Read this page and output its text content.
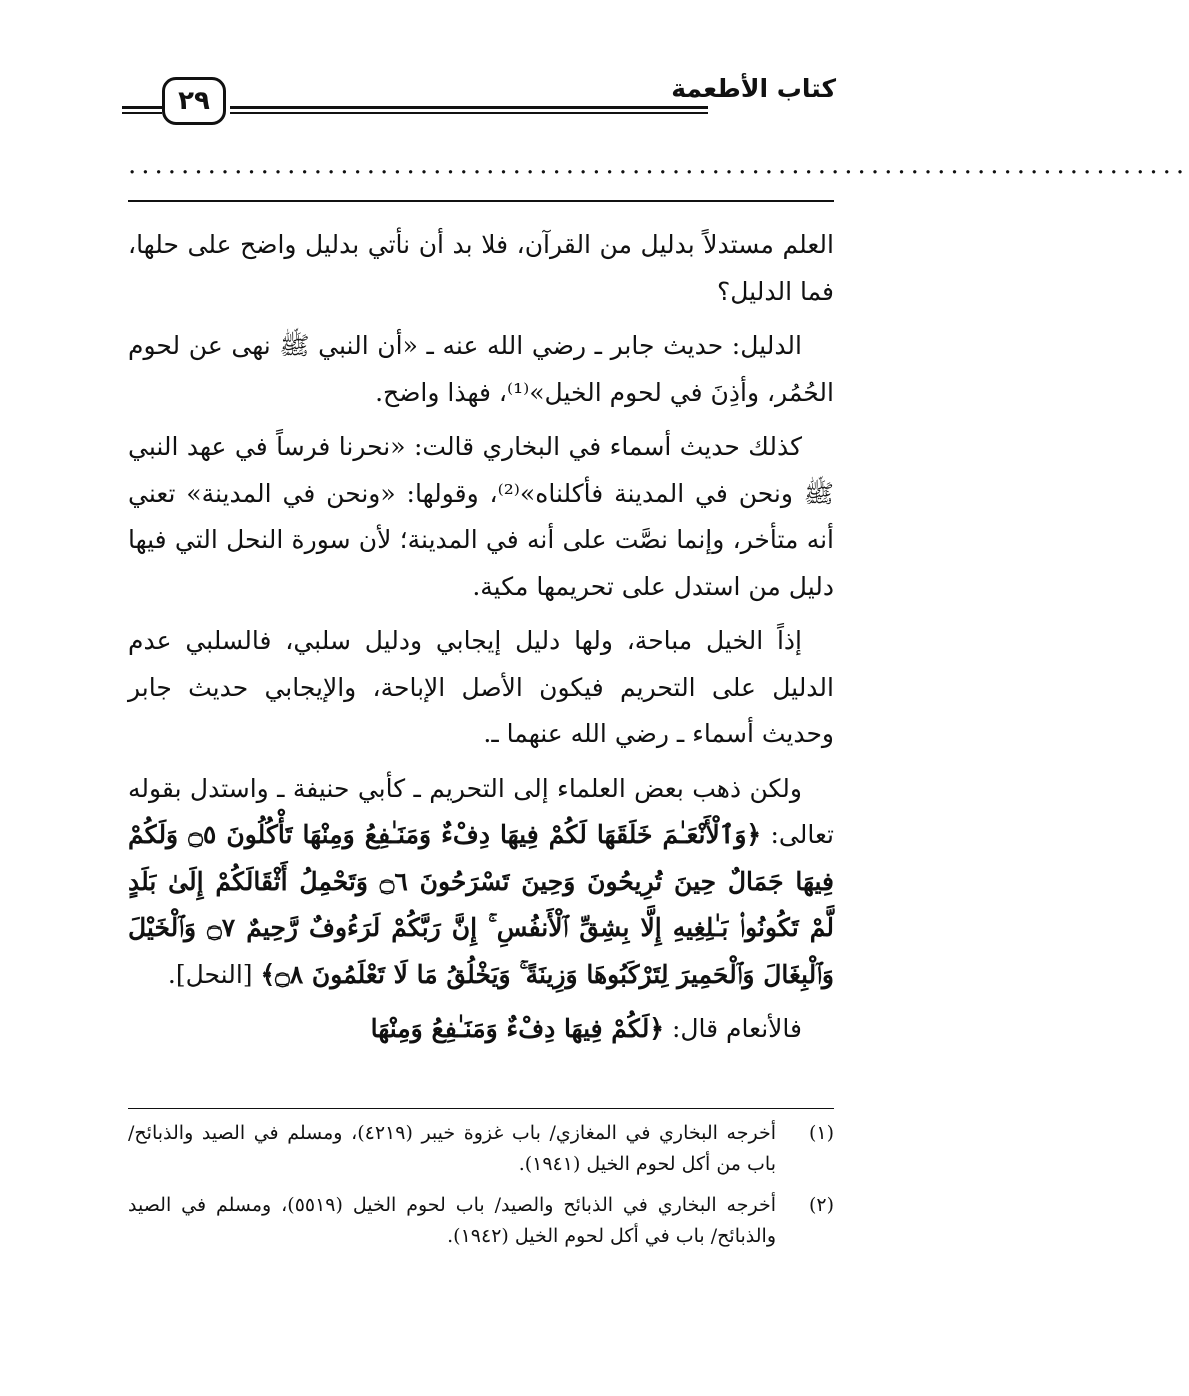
كتاب الأطعمة
٢٩
................................................................................

العلم مستدلاً بدليل من القرآن، فلا بد أن نأتي بدليل واضح على حلها، فما الدليل؟

الدليل: حديث جابر ـ رضي الله عنه ـ «أن النبي ﷺ نهى عن لحوم الحُمُر، وأذِنَ في لحوم الخيل»⁽¹⁾، فهذا واضح.

كذلك حديث أسماء في البخاري قالت: «نحرنا فرساً في عهد النبي ﷺ ونحن في المدينة فأكلناه»⁽²⁾، وقولها: «ونحن في المدينة» تعني أنه متأخر، وإنما نصَّت على أنه في المدينة؛ لأن سورة النحل التي فيها دليل من استدل على تحريمها مكية.

إذاً الخيل مباحة، ولها دليل إيجابي ودليل سلبي، فالسلبي عدم الدليل على التحريم فيكون الأصل الإباحة، والإيجابي حديث جابر وحديث أسماء ـ رضي الله عنهما ـ.

ولكن ذهب بعض العلماء إلى التحريم ـ كأبي حنيفة ـ واستدل بقوله تعالى: ﴿وَٱلْأَنْعَـٰمَ خَلَقَهَا لَكُمْ فِيهَا دِفْءٌ وَمَنَـٰفِعُ وَمِنْهَا تَأْكُلُونَ ۝٥ وَلَكُمْ فِيهَا جَمَالٌ حِينَ تُرِيحُونَ وَحِينَ تَسْرَحُونَ ۝٦ وَتَحْمِلُ أَثْقَالَكُمْ إِلَىٰ بَلَدٍ لَّمْ تَكُونُوا۟ بَـٰلِغِيهِ إِلَّا بِشِقِّ ٱلْأَنفُسِ ۚ إِنَّ رَبَّكُمْ لَرَءُوفٌ رَّحِيمٌ ۝٧ وَٱلْخَيْلَ وَٱلْبِغَالَ وَٱلْحَمِيرَ لِتَرْكَبُوهَا وَزِينَةً ۚ وَيَخْلُقُ مَا لَا تَعْلَمُونَ ۝٨﴾ [النحل].

فالأنعام قال: ﴿لَكُمْ فِيهَا دِفْءٌ وَمَنَـٰفِعُ وَمِنْهَا

(١)
أخرجه البخاري في المغازي/ باب غزوة خيبر (٤٢١٩)، ومسلم في الصيد والذبائح/ باب من أكل لحوم الخيل (١٩٤١).
(٢)
أخرجه البخاري في الذبائح والصيد/ باب لحوم الخيل (٥٥١٩)، ومسلم في الصيد والذبائح/ باب في أكل لحوم الخيل (١٩٤٢).
